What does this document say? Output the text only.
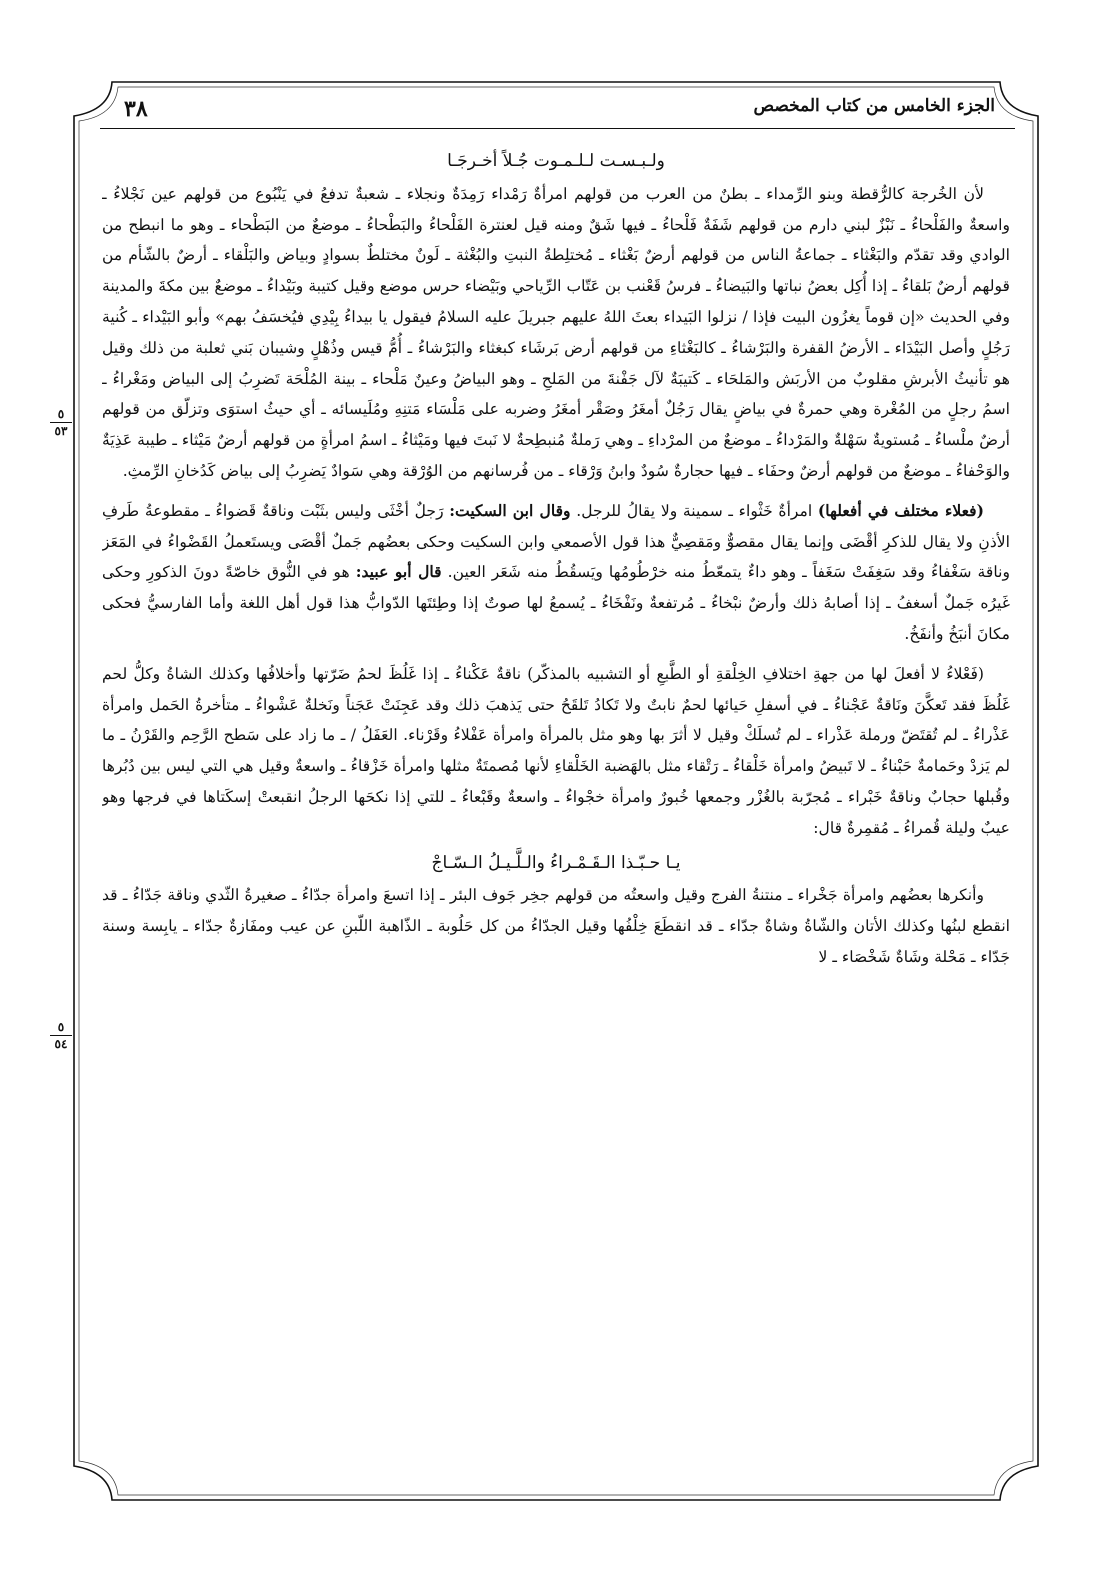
٣٨	الجزء الخامس من كتاب المخصص
٥
٥٣
٥
٥٤
ولـبـسـت لـلـمـوت جُـلاً أخـرجَـا

لأن الخُرجة كالرُّقطة وبنو الرِّمداء ـ بطنٌ من العرب من قولهم امرأةٌ رَمْداء رَمِدَةٌ ونجلاء ـ شعبةٌ تدفعُ في يَنْبُوع من قولهم عين نَجْلاءُ ـ واسعةٌ والفَلْحاءُ ـ نَبْزٌ لبني دارم من قولهم شَفَةٌ فَلْحاءُ ـ فيها شَقٌ ومنه قيل لعنترة الفَلْحاءُ والبَطْحاءُ ـ موضعٌ من البَطْحاء ـ وهو ما انبطح من الوادي وقد تقدّم والبَغْثاء ـ جماعةُ الناس من قولهم أرضٌ بَغْثاء ـ مُختلِطةُ النبتِ والبُغْثة ـ لَونٌ مختلطٌ بسوادٍ وبياض والبَلْقاء ـ أرضٌ بالشّأم من قولهم أرضٌ بَلقاءُ ـ إذا أُكِل بعضُ نباتها والبَيضاءُ ـ فرسُ قَعْنب بن عَتّاب الرِّياحي وبَيْضاء حرس موضع وقيل كتيبة وبَيْداءُ ـ موضعٌ بين مكةَ والمدينة وفي الحديث «إن قوماً يغزُون البيت فإذا / نزلوا البَيداء بعثَ اللهُ عليهم جبريلَ عليه السلامُ فيقول يا بيداءُ بِيْدِي فيُخسَفُ بهم» وأبو البَيْداء ـ كُنية رَجُلٍ وأصل البَيْدَاء ـ الأرضُ القفرة والبَرْشاءُ ـ كالبَغْثاءِ من قولهم أرض بَرشَاء كبغثاء والبَرْشاءُ ـ أُمُّ قيس وذُهْلٍ وشيبان بَني ثعلبة من ذلك وقيل هو تأنيثُ الأبرشِ مقلوبٌ من الأربَش والمَلحَاء ـ كَتيبَةٌ لآل جَفْنةَ من المَلحِ ـ وهو البياضُ وعينٌ مَلْحاء ـ بينة المُلْحَة تَضرِبُ إلى البياض ومَغْراءُ ـ اسمُ رجلٍ من المُغْرة وهي حمرةٌ في بياضٍ يقال رَجُلٌ أمغَرُ وصَقْر أمغَرُ وضربه على مَلْسَاء مَتنِهِ ومُلَيسائه ـ أي حيثُ استوَى وتزلّق من قولهم أرضٌ ملْساءُ ـ مُستويةٌ سَهْلةٌ والمَرْداءُ ـ موضعٌ من المرْداءِ ـ وهي رَملةٌ مُنبطِحةٌ لا نَبتَ فيها ومَيْثاءُ ـ اسمُ امرأةٍ من قولهم أرضٌ مَيْثاء ـ طيبة عَذِيَةٌ والوَحْفاءُ ـ موضعٌ من قولهم أرضٌ وحفَاء ـ فيها حجارةٌ سُودٌ وابنُ وَرْقاء ـ من فُرسانهم من الوُرْقة وهي سَوادٌ يَضرِبُ إلى بياض كَدُخانِ الرِّمثِ.

(فعلاء مختلف في أفعلها) امرأةٌ خَثْواء ـ سمينة ولا يقالُ للرجل. وقال ابن السكيت: رَجلٌ أخْثَى وليس بثَبْت وناقةٌ قَضواءُ ـ مقطوعةُ طَرفِ الأذنِ ولا يقال للذكرِ أقْضَى وإنما يقال مقصوٌّ ومَقصِيٌّ هذا قول الأصمعي وابن السكيت وحكى بعضُهم جَملٌ أقْصَى ويستَعملُ القَضْواءُ في المَعَز وناقة سَغْفاءُ وقد سَغِفَتْ سَغَفاً ـ وهو داءٌ يتمعّطُ منه خرْطُومُها ويَسقُطُ منه شَعَر العين. قال أبو عبيد: هو في النُّوق خاصّةً دونَ الذكورِ وحكى غَيرُه جَملٌ أسغفُ ـ إذا أصابهُ ذلك وأرضٌ نبْخاءُ ـ مُرتفعةٌ ونَفْخَاءُ ـ يُسمعُ لها صوتٌ إذا وطِئتَها الدّوابُّ هذا قول أهل اللغة وأما الفارسيُّ فحكى مكانَ أنبَخُ وأنفَخُ.

(فَعْلاءُ لا أفعلَ لها من جهةِ اختلافِ الخِلْقةِ أو الطَّبعِ أو التشبيه بالمذكّر) ناقةٌ عَكْناءُ ـ إذا غَلُظَ لحمُ ضَرّتها وأخلافُها وكذلك الشاةُ وكلُّ لحم غَلُظَ فقد تَعكَّنَ ونَاقةٌ عَجْناءُ ـ في أسفلِ حَيائها لحمٌ نابتٌ ولا تَكادُ تَلقَحُ حتى يَذهبَ ذلك وقد عَجِنَتْ عَجَناً ونَخلةٌ عَشْواءُ ـ متأخرةُ الحَمل وامرأة عَذْراءُ ـ لم تُقتَضّ ورملة عَذْراء ـ لم تُسلَكْ وقيل لا أثرَ بها وهو مثل بالمرأة وامرأة عَفْلاءُ وقَرْناء. العَفَلُ / ـ ما زاد على سَطح الرَّحِم والقَرْنُ ـ ما لم يَزدْ وحَمامةٌ حَبْناءُ ـ لا تَبيضُ وامرأة خَلْقاءُ ـ رَتْقاء مثل بالهَضبة الخَلْقاءِ لأنها مُصمتَةٌ مثلها وامرأة خَزْقاءُ ـ واسعةٌ وقيل هي التي ليس بين دُبُرها وقُبلها حجابٌ وناقةٌ خَبْراء ـ مُجرّبة بالغُزْر وجمعها خُبورٌ وامرأة خجْواءُ ـ واسعةٌ وقَبْعاءُ ـ للتي إذا نكحَها الرجلُ انقبعتْ إسكَتاها في فرجها وهو عيبٌ وليلة قُمراءُ ـ مُقمِرةٌ قال:

يـا حـبّـذا الـقَـمْـراءُ والـلَّـيـلُ الـسّـاجْ

وأنكرها بعضُهم وامرأة جَخْراء ـ منتنةُ الفرج وقيل واسعتُه من قولهم جخِر جَوف البئر ـ إذا اتسعَ وامرأة جدّاءُ ـ صغيرةُ الثّدي وناقة جَدّاءُ ـ قد انقطع لبنُها وكذلك الأتان والشّاةُ وشاةٌ جدّاء ـ قد انقطَعَ خِلْفُها وقيل الجدّاءُ من كل حَلُوبة ـ الذّاهبة اللّبنِ عن عيب ومفَازةٌ جدّاء ـ يابِسة وسنة جَدّاء ـ مَحْلة وشَاةٌ شَخْصَاء ـ لا
